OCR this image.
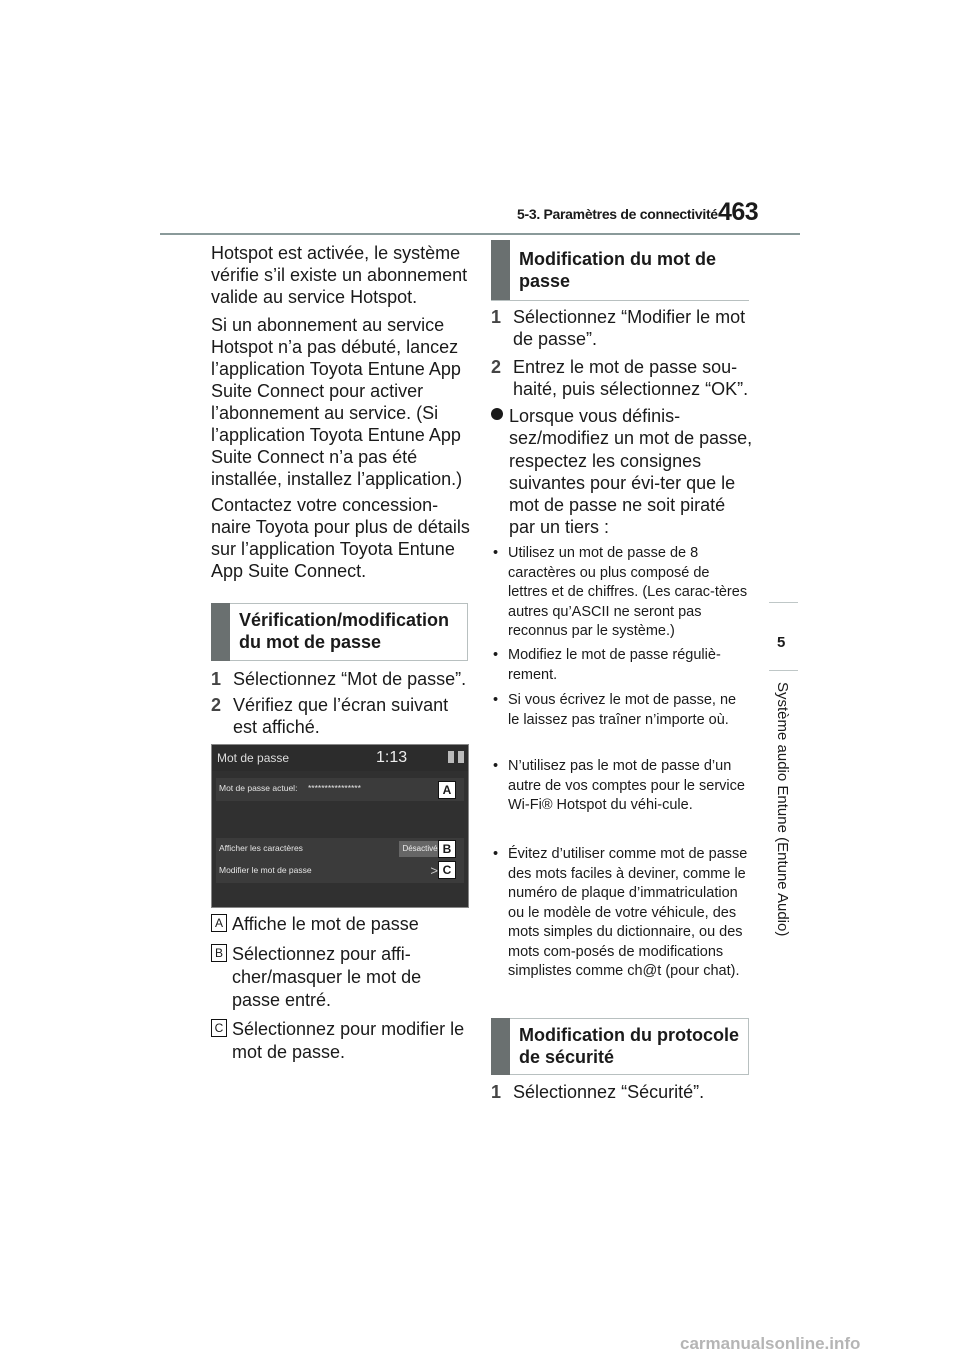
5-3. Paramètres de connectivité 463
5
Système audio Entune (Entune Audio)

Hotspot est activée, le système vérifie s’il existe un abonnement valide au service Hotspot.

Si un abonnement au service Hotspot n’a pas débuté, lancez l’application Toyota Entune App Suite Connect pour activer l’abonnement au service. (Si l’application Toyota Entune App Suite Connect n’a pas été installée, installez l’application.)

Contactez votre concession-naire Toyota pour plus de détails sur l’application Toyota Entune App Suite Connect.

Vérification/modification du mot de passe
1 Sélectionnez “Mot de passe”.
2 Vérifiez que l’écran suivant est affiché.
Mot de passe	1:13
Mot de passe actuel: ****************
Afficher les caractères	Désactivé
Modifier le mot de passe	>
A
B
C
A Affiche le mot de passe
B Sélectionnez pour affi-cher/masquer le mot de passe entré.
C Sélectionnez pour modifier le mot de passe.
Modification du mot de passe
1 Sélectionnez “Modifier le mot de passe”.
2 Entrez le mot de passe sou-haité, puis sélectionnez “OK”.
Lorsque vous définis-sez/modifiez un mot de passe, respectez les consignes suivantes pour évi-ter que le mot de passe ne soit piraté par un tiers :
• Utilisez un mot de passe de 8 caractères ou plus composé de lettres et de chiffres. (Les carac-tères autres qu’ASCII ne seront pas reconnus par le système.)
• Modifiez le mot de passe réguliè-rement.
• Si vous écrivez le mot de passe, ne le laissez pas traîner n’importe où.
• N’utilisez pas le mot de passe d’un autre de vos comptes pour le service Wi-Fi® Hotspot du véhi-cule.
• Évitez d’utiliser comme mot de passe des mots faciles à deviner, comme le numéro de plaque d’immatriculation ou le modèle de votre véhicule, des mots simples du dictionnaire, ou des mots com-posés de modifications simplistes comme ch@t (pour chat).
Modification du protocole de sécurité
1 Sélectionnez “Sécurité”.
carmanualsonline.info
